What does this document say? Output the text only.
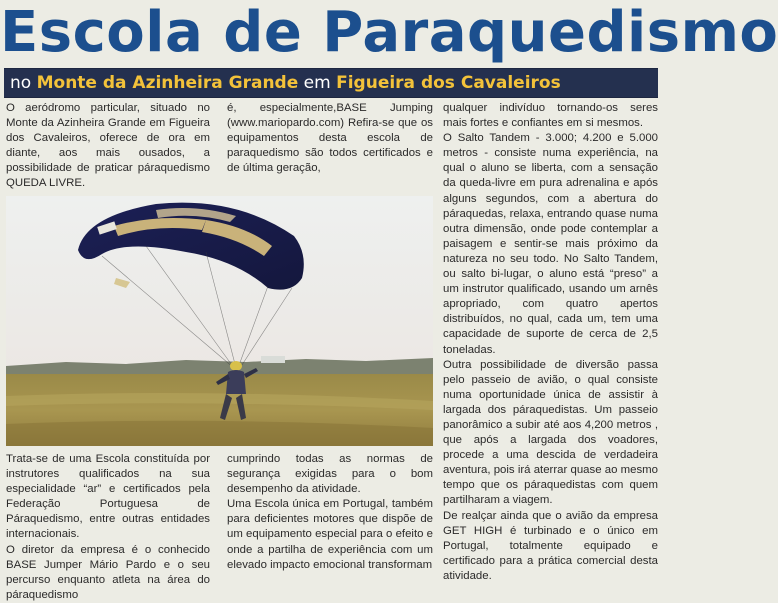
Escola de Paraquedismo
no Monte da Azinheira Grande em Figueira dos Cavaleiros

O aeródromo particular, situado no Monte da Azinheira Grande em Figueira dos Cavaleiros, oferece de ora em diante, aos mais ousados, a possibilidade de praticar páraquedismo QUEDA LIVRE.

é, especialmente,BASE Jumping (www.mariopardo.com) Refira-se que os equipamentos desta escola de paraquedismo são todos certificados e de última geração,

qualquer indivíduo tornando-os seres mais fortes e confiantes em si mesmos.

O Salto Tandem - 3.000; 4.200 e 5.000 metros - consiste numa experiência, na qual o aluno se liberta, com a sensação da queda-livre em pura adrenalina e após alguns segundos, com a abertura do páraquedas, relaxa, entrando quase numa outra dimensão, onde pode contemplar a paisagem e sentir-se mais próximo da natureza no seu todo. No Salto Tandem, ou salto bi-lugar, o aluno está “preso” a um instrutor qualificado, usando um arnês apropriado, com quatro apertos distribuídos, no qual, cada um, tem uma capacidade de suporte de cerca de 2,5 toneladas.

Outra possibilidade de diversão passa pelo passeio de avião, o qual consiste numa oportunidade única de assistir à largada dos páraquedistas. Um passeio panorâmico a subir até aos 4,200 metros , que após a largada dos voadores, procede a uma descida de verdadeira aventura, pois irá aterrar quase ao mesmo tempo que os páraquedistas com quem partilharam a viagem.

De realçar ainda que o avião da empresa GET HIGH é turbinado e o único em Portugal, totalmente equipado e certificado para a prática comercial desta atividade.

Trata-se de uma Escola constituída por instrutores qualificados na sua especialidade “ar” e certificados pela Federação Portuguesa de Páraquedismo, entre outras entidades internacionais.

O diretor da empresa é o conhecido BASE Jumper Mário Pardo e o seu percurso enquanto atleta na área do páraquedismo

cumprindo todas as normas de segurança exigidas para o bom desempenho da atividade.

Uma Escola única em Portugal, também para deficientes motores que dispõe de um equipamento especial para o efeito e onde a partilha de experiência com um elevado impacto emocional transformam
